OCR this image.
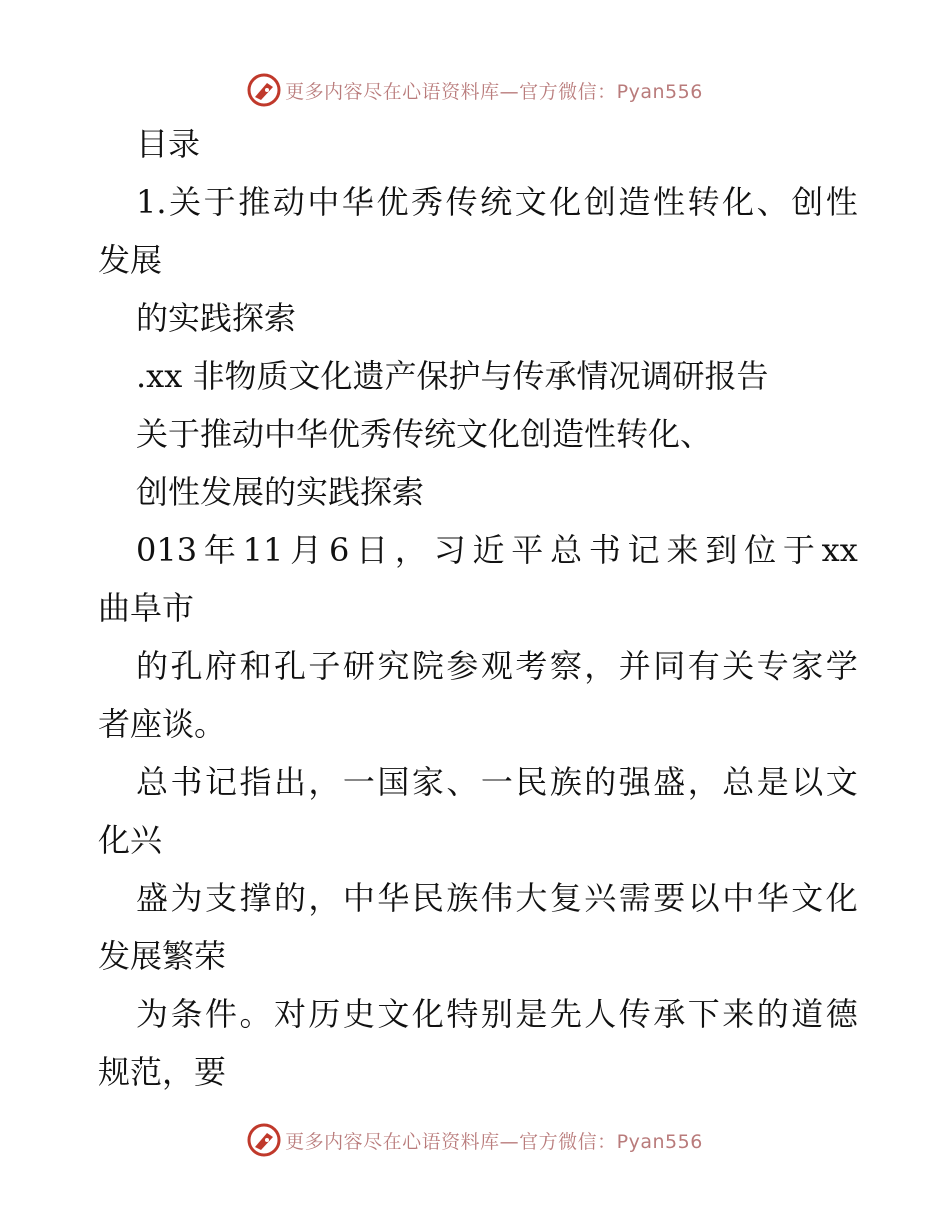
更多内容尽在心语资料库—官方微信：Pyan556
目录
1. 关 于 推 动 中 华 优 秀 传 统 文 化 创 造 性 转 化 、 创 性
发展
的实践探索
.xx 非物质文化遗产保护与传承情况调研报告
关于推动中华优秀传统文化创造性转化、
创性发展的实践探索
013 年 11 月 6 日 ， 习 近 平 总 书 记 来 到 位 于 xx
曲阜市
的 孔 府 和 孔 子 研 究 院 参 观 考 察 ， 并 同 有 关 专 家 学
者座谈。
总 书 记 指 出 ， 一 国 家 、 一 民 族 的 强 盛 ， 总 是 以 文
化兴
盛 为 支 撑 的 ， 中 华 民 族 伟 大 复 兴 需 要 以 中 华 文 化
发展繁荣
为 条 件 。 对 历 史 文 化 特 别 是 先 人 传 承 下 来 的 道 德
规范，要
更多内容尽在心语资料库—官方微信：Pyan556
